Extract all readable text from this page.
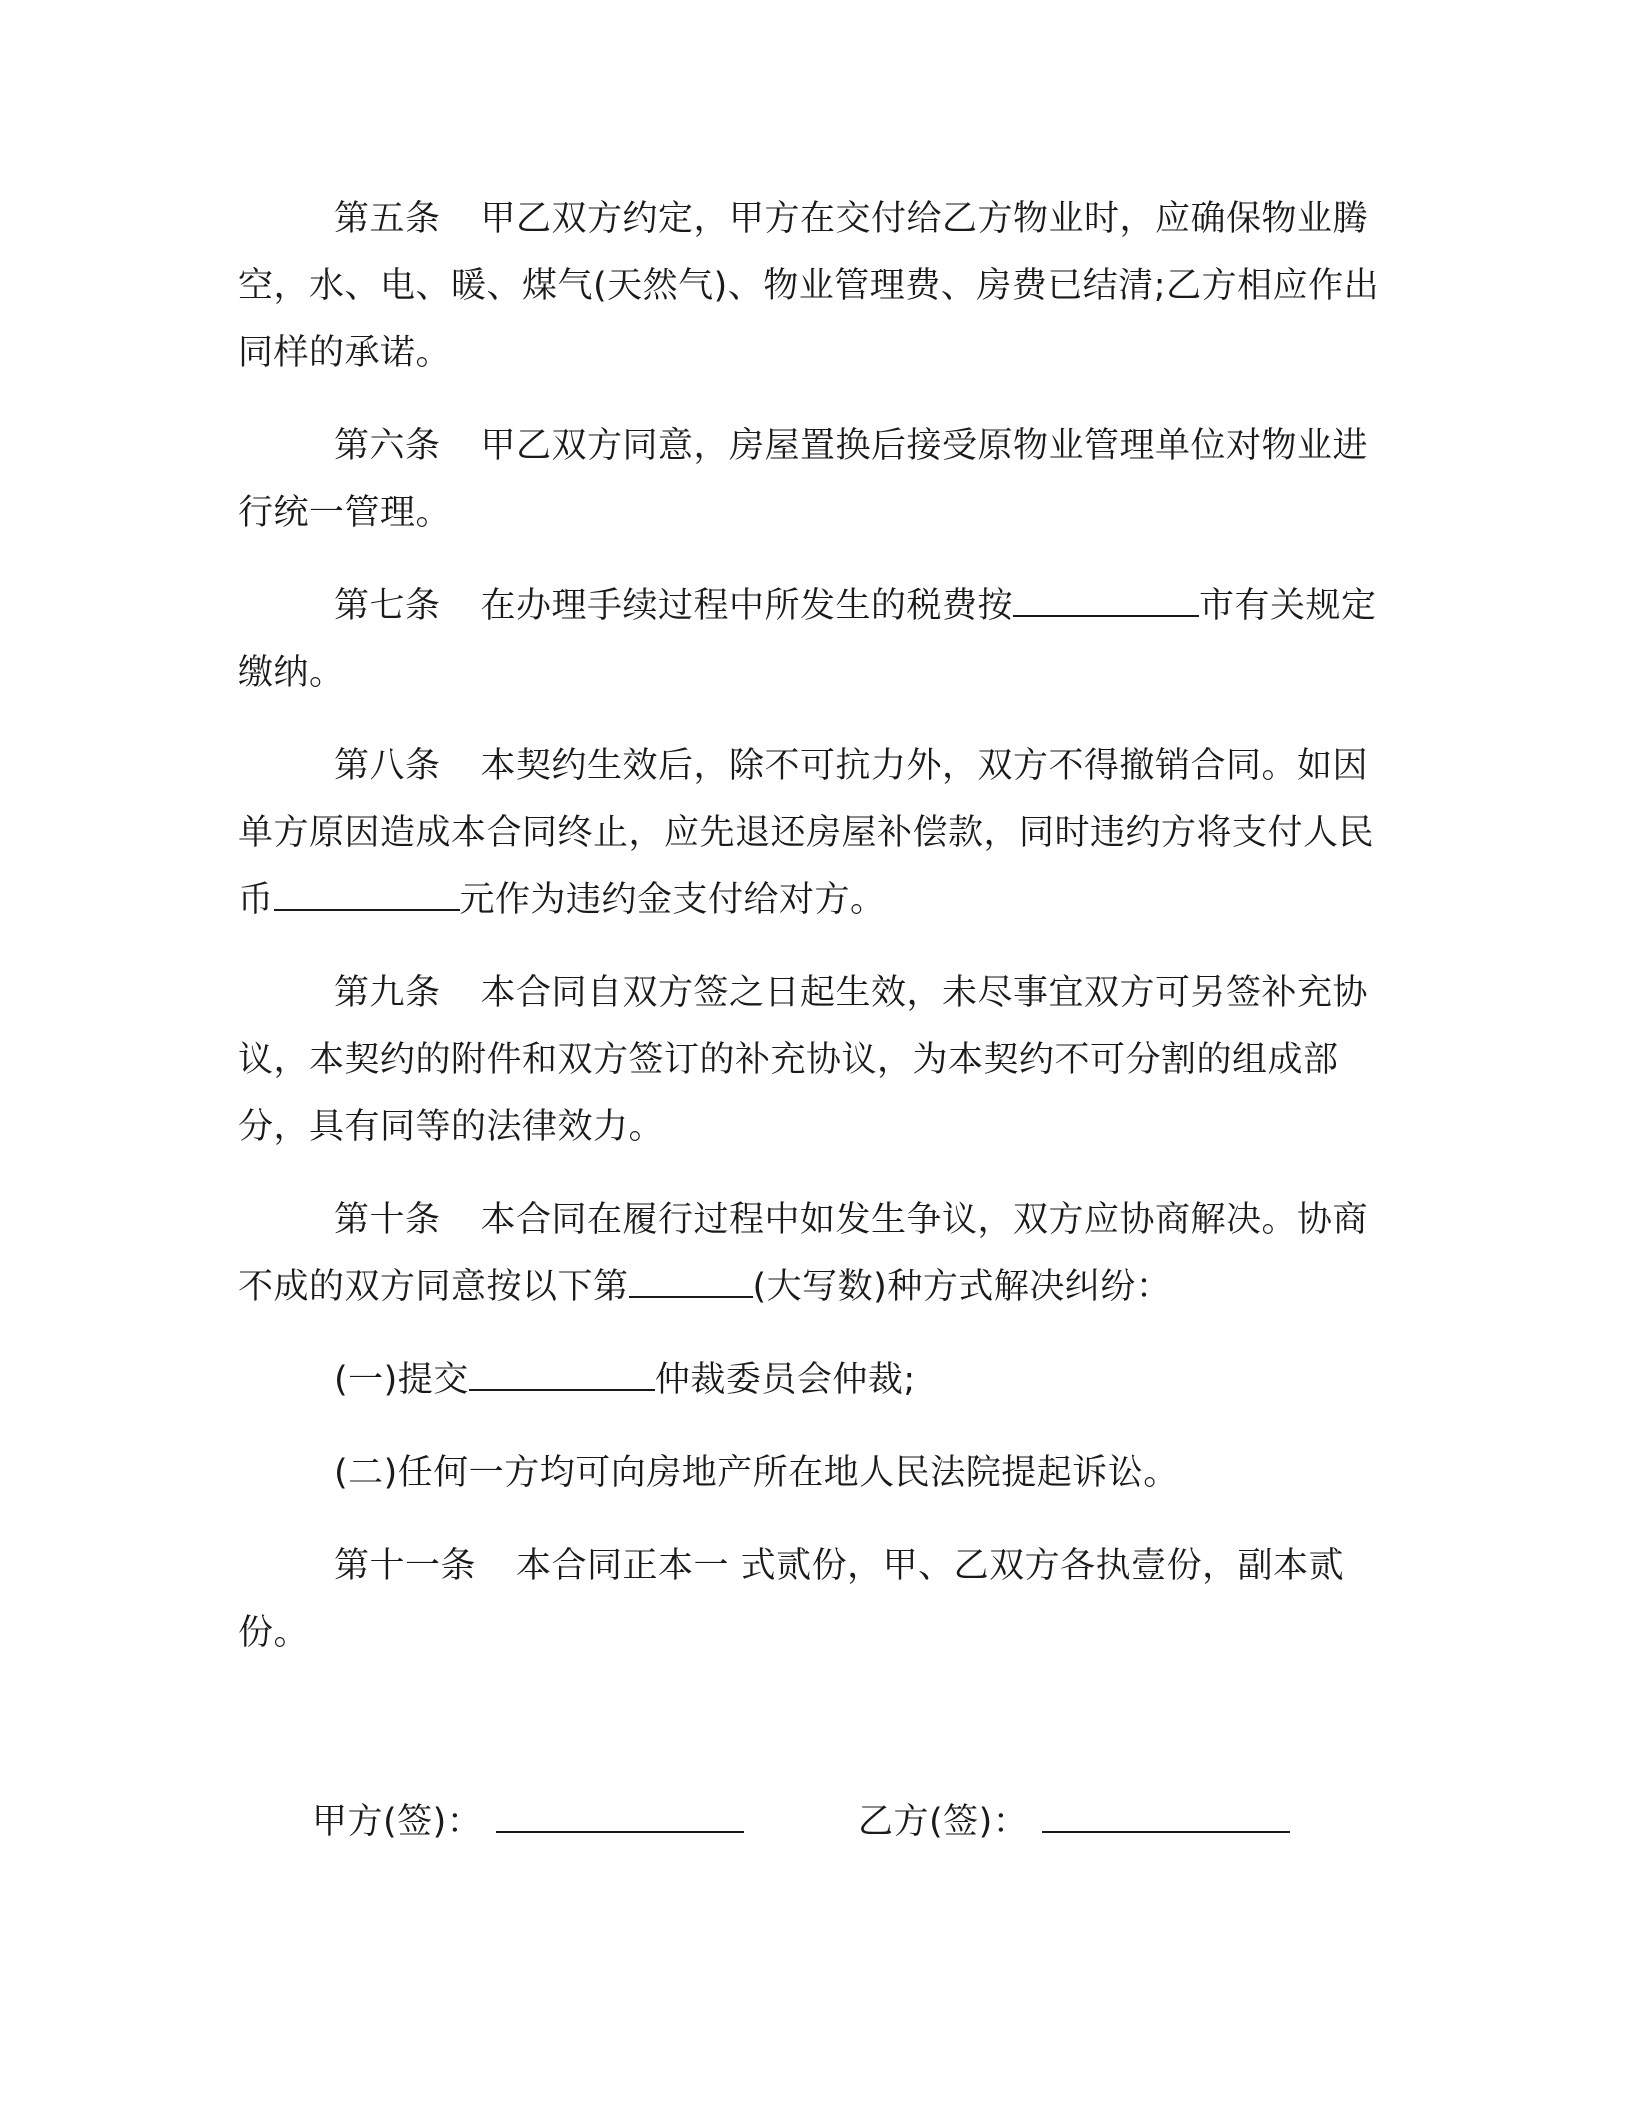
第五条 甲乙双方约定，甲方在交付给乙方物业时，应确保物业腾空，水、电、暖、煤气(天然气)、物业管理费、房费已结清;乙方相应作出同样的承诺。

第六条 甲乙双方同意，房屋置换后接受原物业管理单位对物业进行统一管理。

第七条 在办理手续过程中所发生的税费按	市有关规定缴纳。

第八条 本契约生效后，除不可抗力外，双方不得撤销合同。如因单方原因造成本合同终止，应先退还房屋补偿款，同时违约方将支付人民币	元作为违约金支付给对方。

第九条 本合同自双方签之日起生效，未尽事宜双方可另签补充协议，本契约的附件和双方签订的补充协议，为本契约不可分割的组成部分，具有同等的法律效力。

第十条 本合同在履行过程中如发生争议，双方应协商解决。协商不成的双方同意按以下第	(大写数)种方式解决纠纷：

(一)提交	仲裁委员会仲裁;

(二)任何一方均可向房地产所在地人民法院提起诉讼。

第十一条 本合同正本一 式贰份，甲、乙双方各执壹份，副本贰份。

甲方(签)：	乙方(签)：
